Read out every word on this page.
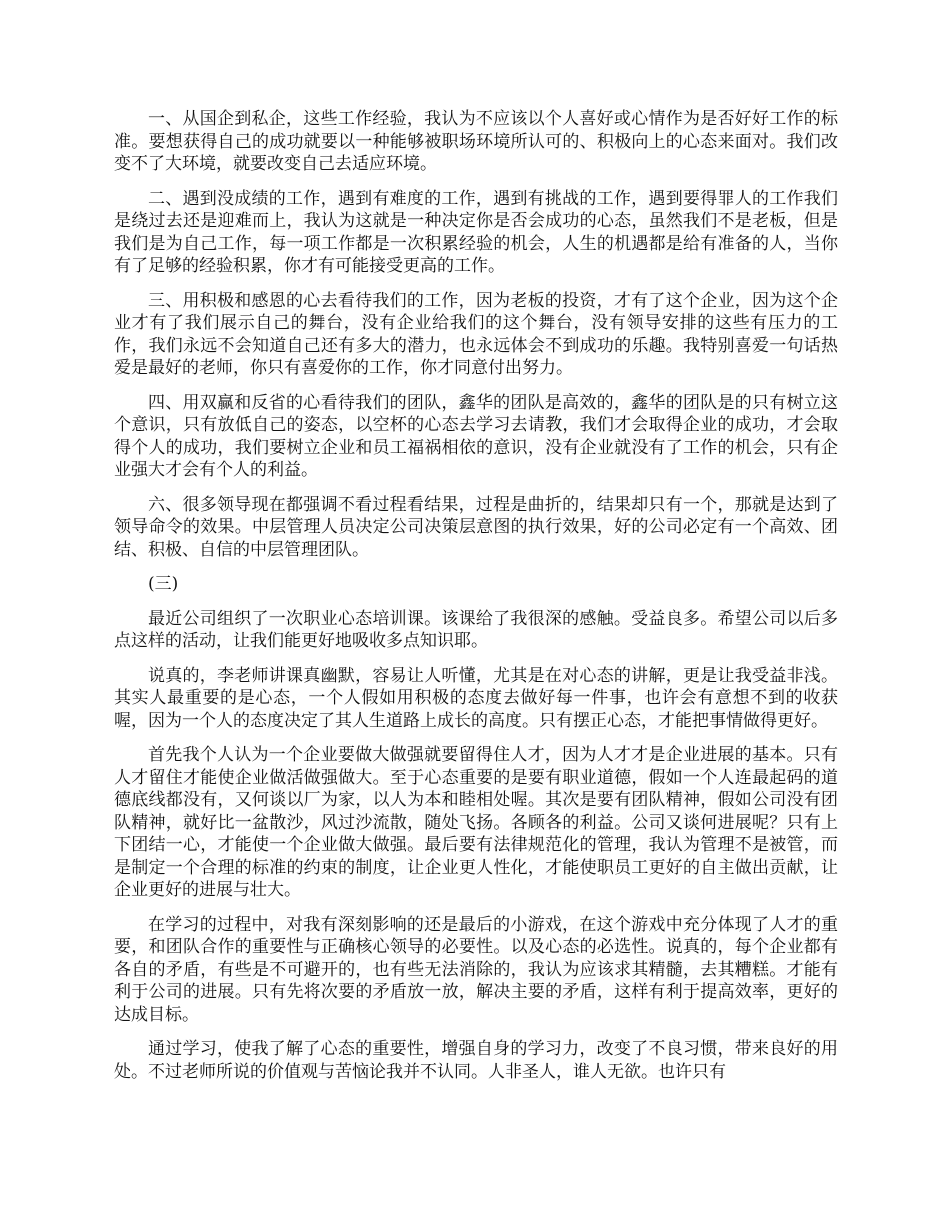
一、从国企到私企，这些工作经验，我认为不应该以个人喜好或心情作为是否好好工作的标准。要想获得自己的成功就要以一种能够被职场环境所认可的、积极向上的心态来面对。我们改变不了大环境，就要改变自己去适应环境。

二、遇到没成绩的工作，遇到有难度的工作，遇到有挑战的工作，遇到要得罪人的工作我们是绕过去还是迎难而上，我认为这就是一种决定你是否会成功的心态，虽然我们不是老板，但是我们是为自己工作，每一项工作都是一次积累经验的机会，人生的机遇都是给有准备的人，当你有了足够的经验积累，你才有可能接受更高的工作。

三、用积极和感恩的心去看待我们的工作，因为老板的投资，才有了这个企业，因为这个企业才有了我们展示自己的舞台，没有企业给我们的这个舞台，没有领导安排的这些有压力的工作，我们永远不会知道自己还有多大的潜力，也永远体会不到成功的乐趣。我特别喜爱一句话热爱是最好的老师，你只有喜爱你的工作，你才同意付出努力。

四、用双赢和反省的心看待我们的团队，鑫华的团队是高效的，鑫华的团队是的只有树立这个意识，只有放低自己的姿态，以空杯的心态去学习去请教，我们才会取得企业的成功，才会取得个人的成功，我们要树立企业和员工福祸相依的意识，没有企业就没有了工作的机会，只有企业强大才会有个人的利益。

六、很多领导现在都强调不看过程看结果，过程是曲折的，结果却只有一个，那就是达到了领导命令的效果。中层管理人员决定公司决策层意图的执行效果，好的公司必定有一个高效、团结、积极、自信的中层管理团队。

(三)

最近公司组织了一次职业心态培训课。该课给了我很深的感触。受益良多。希望公司以后多点这样的活动，让我们能更好地吸收多点知识耶。

说真的，李老师讲课真幽默，容易让人听懂，尤其是在对心态的讲解，更是让我受益非浅。其实人最重要的是心态，一个人假如用积极的态度去做好每一件事，也许会有意想不到的收获喔，因为一个人的态度决定了其人生道路上成长的高度。只有摆正心态，才能把事情做得更好。

首先我个人认为一个企业要做大做强就要留得住人才，因为人才才是企业进展的基本。只有人才留住才能使企业做活做强做大。至于心态重要的是要有职业道德，假如一个人连最起码的道德底线都没有，又何谈以厂为家，以人为本和睦相处喔。其次是要有团队精神，假如公司没有团队精神，就好比一盆散沙，风过沙流散，随处飞扬。各顾各的利益。公司又谈何进展呢？只有上下团结一心，才能使一个企业做大做强。最后要有法律规范化的管理，我认为管理不是被管，而是制定一个合理的标准的约束的制度，让企业更人性化，才能使职员工更好的自主做出贡献，让企业更好的进展与壮大。

在学习的过程中，对我有深刻影响的还是最后的小游戏，在这个游戏中充分体现了人才的重要，和团队合作的重要性与正确核心领导的必要性。以及心态的必选性。说真的，每个企业都有各自的矛盾，有些是不可避开的，也有些无法消除的，我认为应该求其精髓，去其糟糕。才能有利于公司的进展。只有先将次要的矛盾放一放，解决主要的矛盾，这样有利于提高效率，更好的达成目标。

通过学习，使我了解了心态的重要性，增强自身的学习力，改变了不良习惯，带来良好的用处。不过老师所说的价值观与苦恼论我并不认同。人非圣人，谁人无欲。也许只有
